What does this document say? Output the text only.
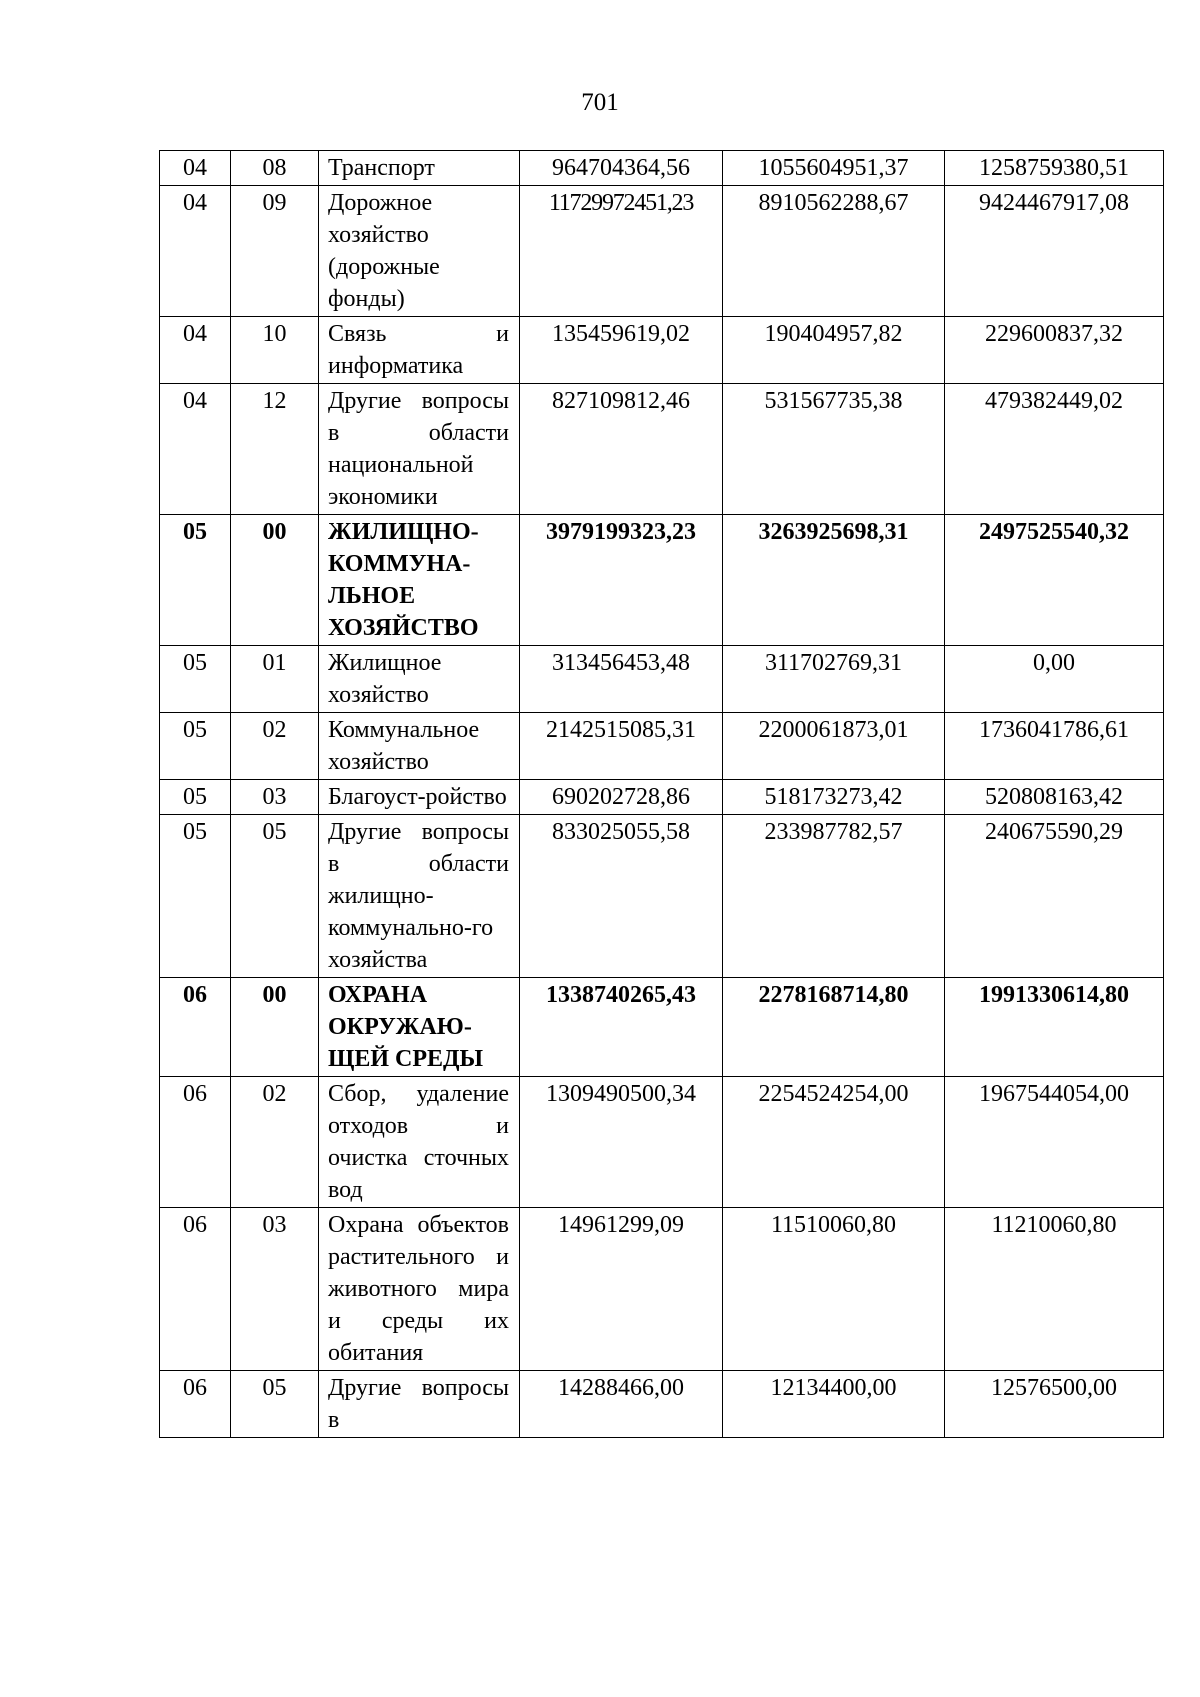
701
04	08	Транспорт	964704364,56	1055604951,37	1258759380,51
04	09	Дорожное хозяйство (дорожные фонды)	11729972451,23	8910562288,67	9424467917,08
04	10	Связь и информатика	135459619,02	190404957,82	229600837,32
04	12	Другие вопросы в области национальной экономики	827109812,46	531567735,38	479382449,02
05	00	ЖИЛИЩНО-КОММУНА-ЛЬНОЕ ХОЗЯЙСТВО	3979199323,23	3263925698,31	2497525540,32
05	01	Жилищное хозяйство	313456453,48	311702769,31	0,00
05	02	Коммунальное хозяйство	2142515085,31	2200061873,01	1736041786,61
05	03	Благоуст-ройство	690202728,86	518173273,42	520808163,42
05	05	Другие вопросы в области жилищно-коммунально-го хозяйства	833025055,58	233987782,57	240675590,29
06	00	ОХРАНА ОКРУЖАЮ-ЩЕЙ СРЕДЫ	1338740265,43	2278168714,80	1991330614,80
06	02	Сбор, удаление отходов и очистка сточных вод	1309490500,34	2254524254,00	1967544054,00
06	03	Охрана объектов растительного и животного мира и среды их обитания	14961299,09	11510060,80	11210060,80
06	05	Другие вопросы в	14288466,00	12134400,00	12576500,00
